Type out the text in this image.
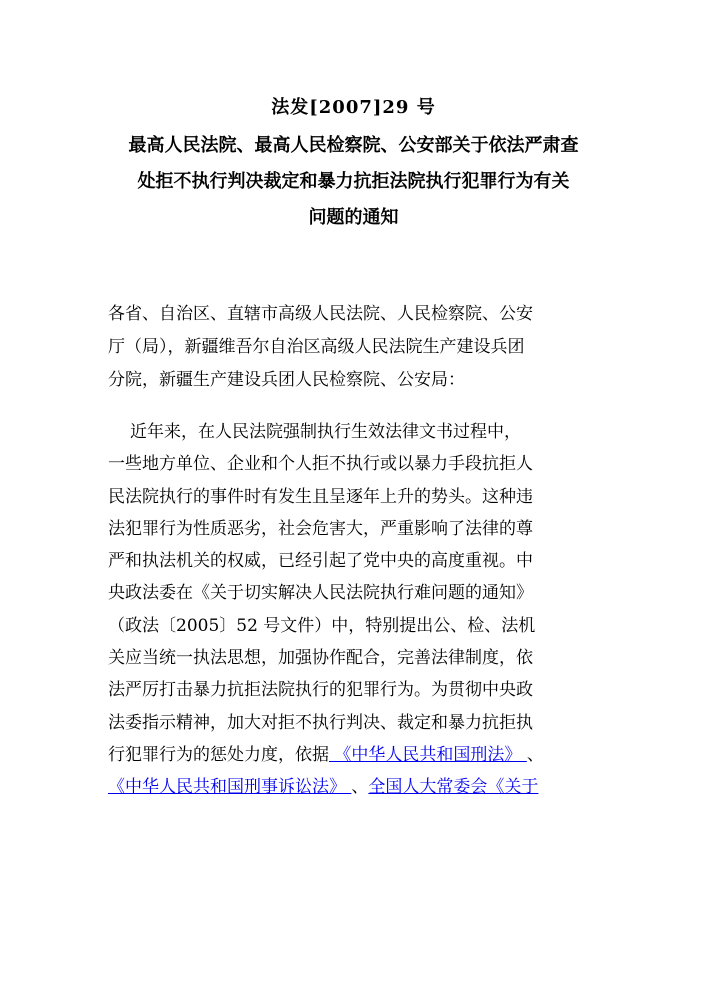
法发[2007]29 号
最高人民法院、最高人民检察院、公安部关于依法严肃查
处拒不执行判决裁定和暴力抗拒法院执行犯罪行为有关
问题的通知
各省、自治区、直辖市高级人民法院、人民检察院、公安
厅（局），新疆维吾尔自治区高级人民法院生产建设兵团
分院，新疆生产建设兵团人民检察院、公安局：
近年来，在人民法院强制执行生效法律文书过程中，
一些地方单位、企业和个人拒不执行或以暴力手段抗拒人
民法院执行的事件时有发生且呈逐年上升的势头。这种违
法犯罪行为性质恶劣，社会危害大，严重影响了法律的尊
严和执法机关的权威，已经引起了党中央的高度重视。中
央政法委在《关于切实解决人民法院执行难问题的通知》
（政法〔2005〕52 号文件）中，特别提出公、检、法机
关应当统一执法思想，加强协作配合，完善法律制度，依
法严厉打击暴力抗拒法院执行的犯罪行为。为贯彻中央政
法委指示精神，加大对拒不执行判决、裁定和暴力抗拒执
行犯罪行为的惩处力度，依据 《中华人民共和国刑法》 、
《中华人民共和国刑事诉讼法》 、全国人大常委会《关于
